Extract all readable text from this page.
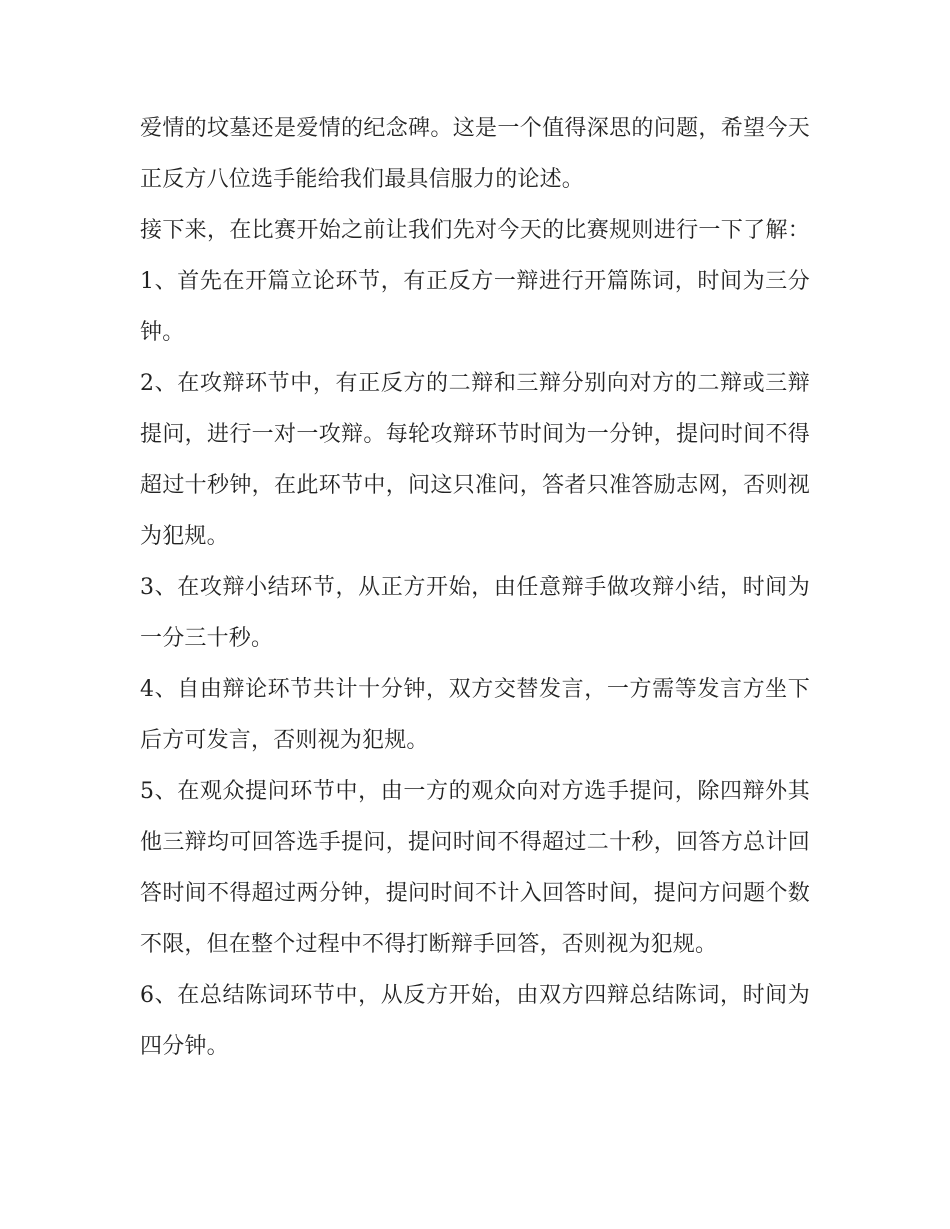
爱情的坟墓还是爱情的纪念碑。这是一个值得深思的问题，希望今天正反方八位选手能给我们最具信服力的论述。

接下来，在比赛开始之前让我们先对今天的比赛规则进行一下了解：1、首先在开篇立论环节，有正反方一辩进行开篇陈词，时间为三分钟。

2、在攻辩环节中，有正反方的二辩和三辩分别向对方的二辩或三辩提问，进行一对一攻辩。每轮攻辩环节时间为一分钟，提问时间不得超过十秒钟，在此环节中，问这只准问，答者只准答励志网，否则视为犯规。

3、在攻辩小结环节，从正方开始，由任意辩手做攻辩小结，时间为一分三十秒。

4、自由辩论环节共计十分钟，双方交替发言，一方需等发言方坐下后方可发言，否则视为犯规。

5、在观众提问环节中，由一方的观众向对方选手提问，除四辩外其他三辩均可回答选手提问，提问时间不得超过二十秒，回答方总计回答时间不得超过两分钟，提问时间不计入回答时间，提问方问题个数不限，但在整个过程中不得打断辩手回答，否则视为犯规。

6、在总结陈词环节中，从反方开始，由双方四辩总结陈词，时间为四分钟。
